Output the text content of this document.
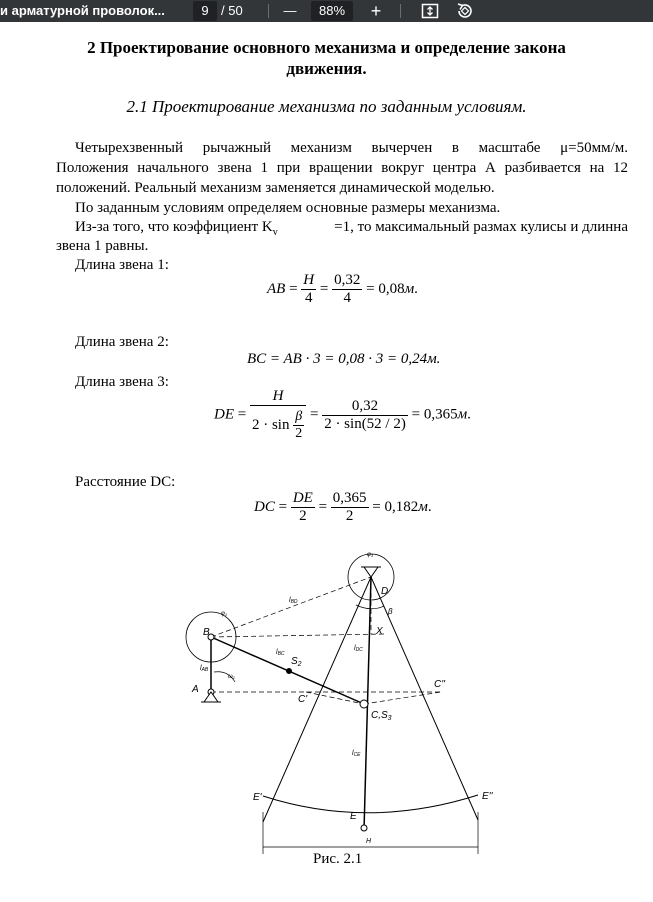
и арматурной проволок...	9 / 50	—	88%	+
2 Проектирование основного механизма и определение закона
движения.
2.1 Проектирование механизма по заданным условиям.
Четырехзвенный рычажный механизм вычерчен в масштабе μ=50мм/м.
Положения начального звена 1 при вращении вокруг центра А разбивается на 12
положений. Реальный механизм заменяется динамической моделью.
По заданным условиям определяем основные размеры механизма.
Из-за того, что коэффициент $K_v$	=1, то максимальный размах кулисы и длинна
звена 1 равны.
Длина звена 1:
AB = $\frac{H}{4} = \frac{0,32}{4} = 0,08м$.
Длина звена 2:
BC = AB · 3 = 0,08 · 3 = 0,24м.
Длина звена 3:
DE = $\frac{H}{2 \cdot \sin \frac{\beta}{2}} = \frac{0,32}{2 \cdot \sin(52 / 2)} = 0,365м$.
Расстояние DC:
DC = $\frac{DE}{2} = \frac{0,365}{2} = 0,182м$.
A
B
D
E
E'	E''
C'
C''
$C,S_3$
$S_2$
X
H
lBD
lBC
lDC
lCE
lAB
β
φ1
φ3
ω1
Рис. 2.1
